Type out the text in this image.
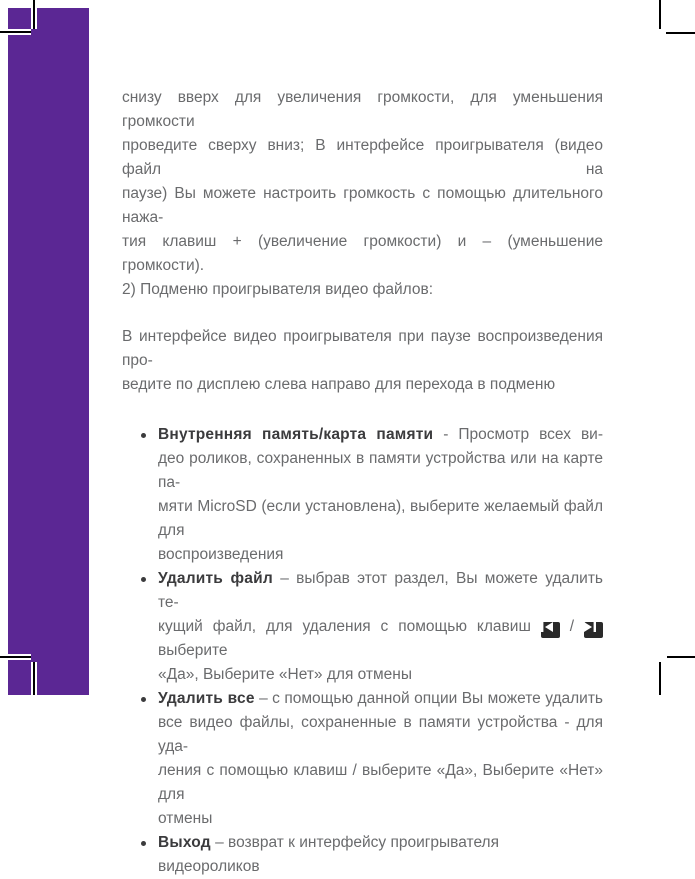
снизу вверх для увеличения громкости, для уменьшения громкости
проведите сверху вниз; В интерфейсе проигрывателя (видео файл на
паузе) Вы можете настроить громкость с помощью длительного нажа-
тия клавиш + (увеличение громкости) и – (уменьшение громкости).
2) Подменю проигрывателя видео файлов:
В интерфейсе видео проигрывателя при паузе воспроизведения про-
ведите по дисплею слева направо для перехода в подменю
Внутренняя память/карта памяти - Просмотр всех ви-
део роликов, сохраненных в памяти устройства или на карте па-
мяти MicroSD (если установлена), выберите желаемый файл для
воспроизведения
Удалить файл – выбрав этот раздел, Вы можете удалить те-
кущий файл, для удаления с помощью клавиш  /  выберите
«Да», Выберите «Нет» для отмены
Удалить все – с помощью данной опции Вы можете удалить
все видео файлы, сохраненные в памяти устройства - для уда-
ления с помощью клавиш / выберите «Да», Выберите «Нет» для
отмены
Выход – возврат к интерфейсу проигрывателя видеороликов
